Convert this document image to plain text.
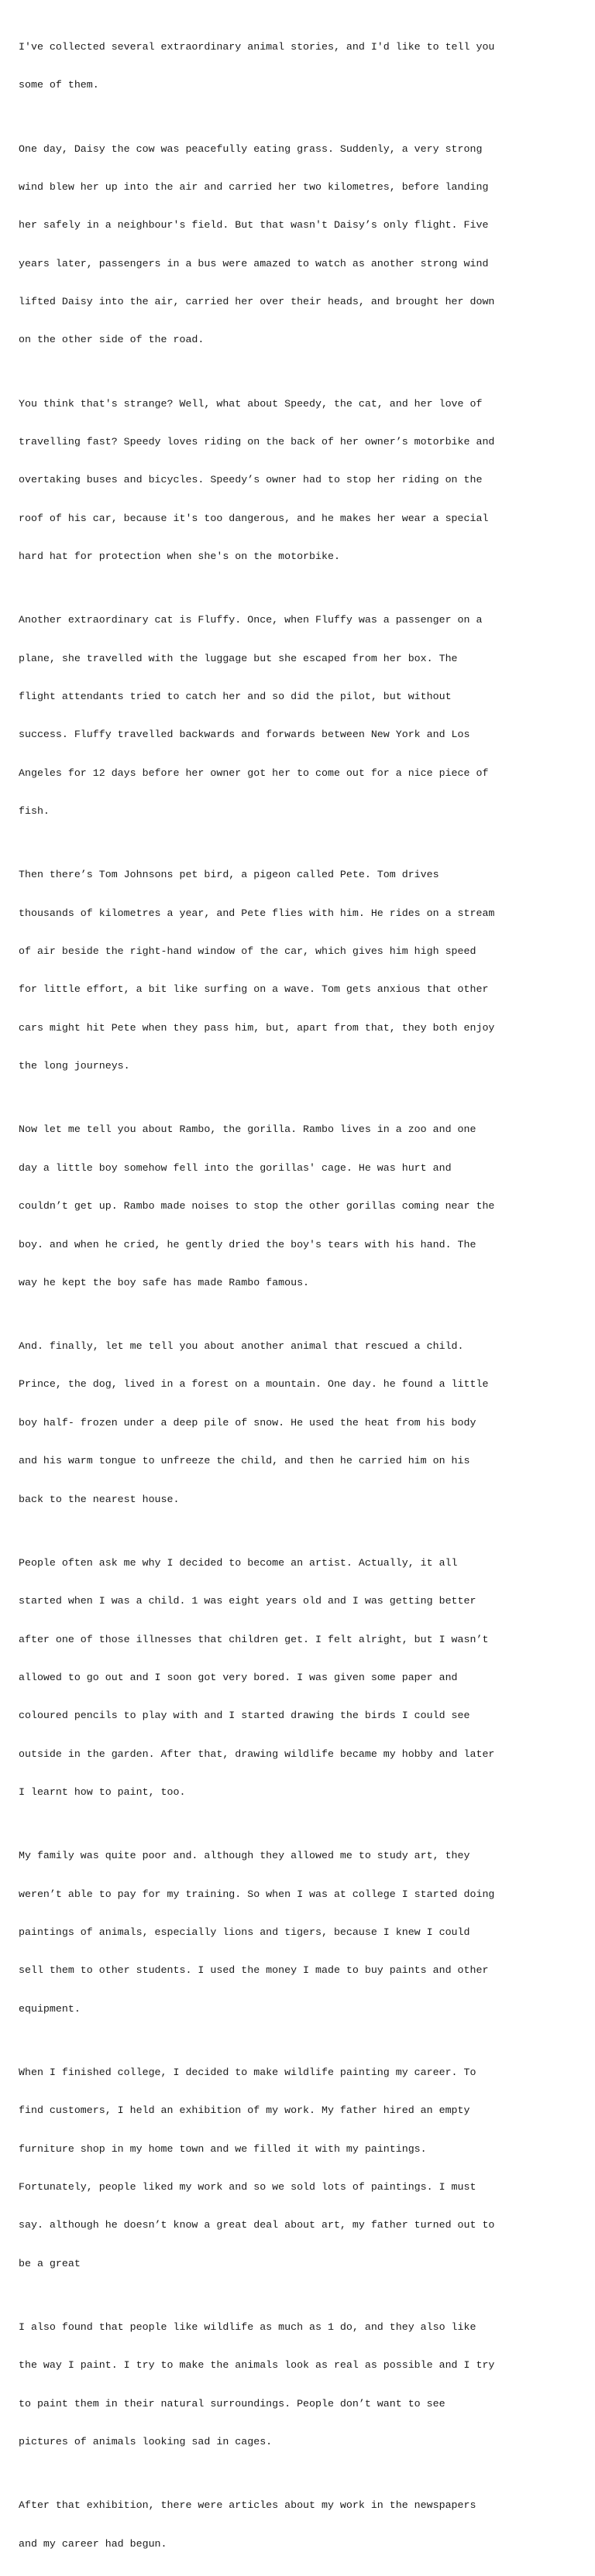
I've collected several extraordinary animal stories, and I'd like to tell you

some of them.

One day, Daisy the cow was peacefully eating grass. Suddenly, a very strong

wind blew her up into the air and carried her two kilometres, before landing

her safely in a neighbour's field. But that wasn't Daisy’s only flight. Five

years later, passengers in a bus were amazed to watch as another strong wind

lifted Daisy into the air, carried her over their heads, and brought her down

on the other side of the road.

You think that's strange? Well, what about Speedy, the cat, and her love of

travelling fast? Speedy loves riding on the back of her owner’s motorbike and

overtaking buses and bicycles. Speedy’s owner had to stop her riding on the

roof of his car, because it's too dangerous, and he makes her wear a special

hard hat for protection when she's on the motorbike.

Another extraordinary cat is Fluffy. Once, when Fluffy was a passenger on a

plane, she travelled with the luggage but she escaped from her box. The

flight attendants tried to catch her and so did the pilot, but without

success. Fluffy travelled backwards and forwards between New York and Los

Angeles for 12 days before her owner got her to come out for a nice piece of

fish.

Then there’s Tom Johnsons pet bird, a pigeon called Pete. Tom drives

thousands of kilometres a year, and Pete flies with him. He rides on a stream

of air beside the right-hand window of the car, which gives him high speed

for little effort, a bit like surfing on a wave. Tom gets anxious that other

cars might hit Pete when they pass him, but, apart from that, they both enjoy

the long journeys.

Now let me tell you about Rambo, the gorilla. Rambo lives in a zoo and one

day a little boy somehow fell into the gorillas' cage. He was hurt and

couldn’t get up. Rambo made noises to stop the other gorillas coming near the

boy. and when he cried, he gently dried the boy's tears with his hand. The

way he kept the boy safe has made Rambo famous.

And. finally, let me tell you about another animal that rescued a child.

Prince, the dog, lived in a forest on a mountain. One day. he found a little

boy half- frozen under a deep pile of snow. He used the heat from his body

and his warm tongue to unfreeze the child, and then he carried him on his

back to the nearest house.

People often ask me why I decided to become an artist. Actually, it all

started when I was a child. 1 was eight years old and I was getting better

after one of those illnesses that children get. I felt alright, but I wasn’t

allowed to go out and I soon got very bored. I was given some paper and

coloured pencils to play with and I started drawing the birds I could see

outside in the garden. After that, drawing wildlife became my hobby and later

I learnt how to paint, too.

My family was quite poor and. although they allowed me to study art, they

weren’t able to pay for my training. So when I was at college I started doing

paintings of animals, especially lions and tigers, because I knew I could

sell them to other students. I used the money I made to buy paints and other

equipment.

When I finished college, I decided to make wildlife painting my career. To

find customers, I held an exhibition of my work. My father hired an empty

furniture shop in my home town and we filled it with my paintings.

Fortunately, people liked my work and so we sold lots of paintings. I must

say. although he doesn’t know a great deal about art, my father turned out to

be a great

I also found that people like wildlife as much as 1 do, and they also like

the way I paint. I try to make the animals look as real as possible and I try

to paint them in their natural surroundings. People don’t want to see

pictures of animals looking sad in cages.

After that exhibition, there were articles about my work in the newspapers

and my career had begun.
